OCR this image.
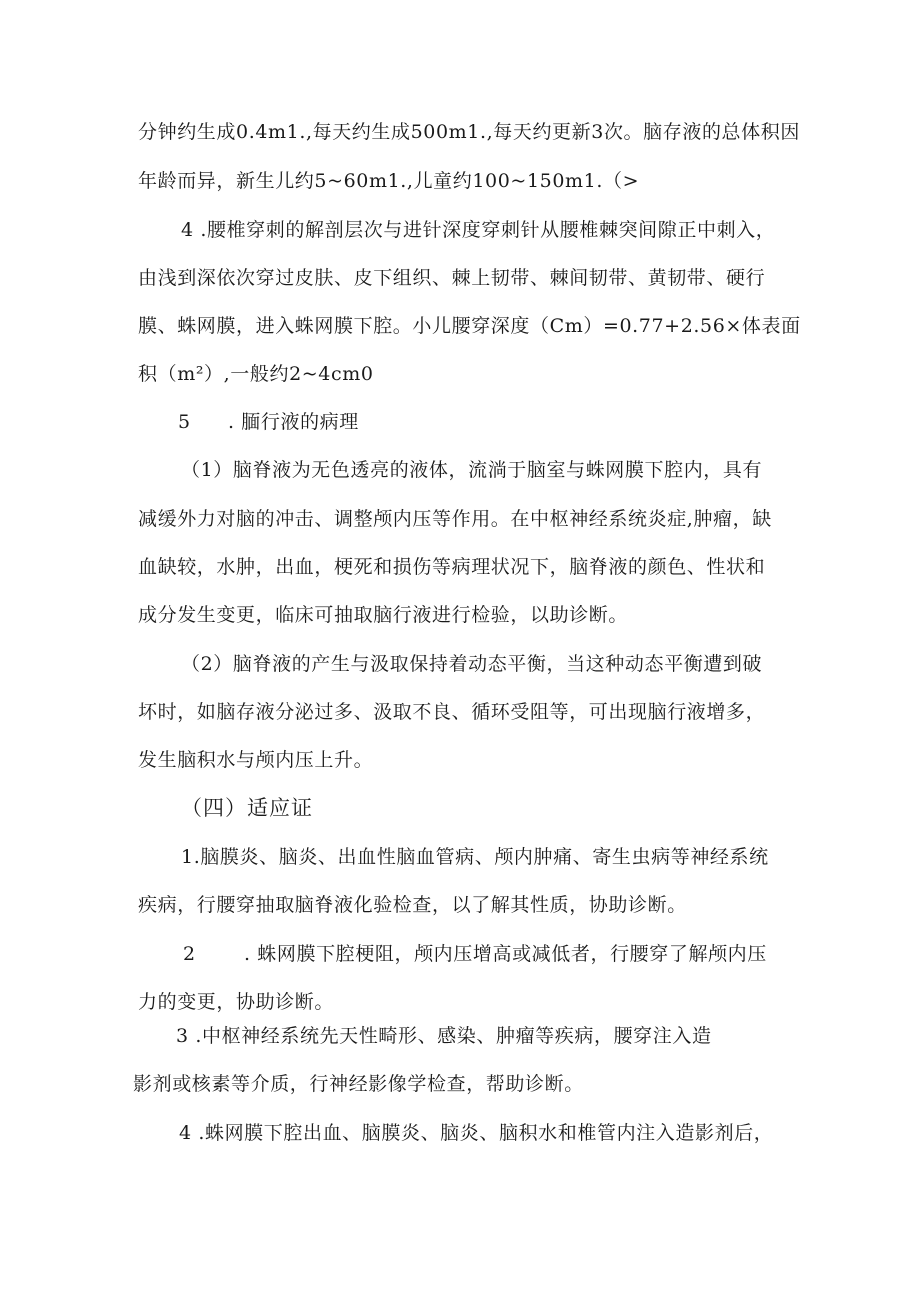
分钟约生成0.4m1.,每天约生成500m1.,每天约更新3次。脑存液的总体积因
年龄而异，新生儿约5~60m1.,儿童约100~150m1.（>
4 .腰椎穿刺的解剖层次与进针深度穿刺针从腰椎棘突间隙正中刺入，
由浅到深依次穿过皮肤、皮下组织、棘上韧带、棘间韧带、黄韧带、硬行
膜、蛛网膜，进入蛛网膜下腔。小儿腰穿深度（Cm）=0.77+2.56×体表面
积（m²）,一般约2~4cm0
5 . 腼行液的病理
（1）脑脊液为无色透亮的液体，流淌于脑室与蛛网膜下腔内，具有
减缓外力对脑的冲击、调整颅内压等作用。在中枢神经系统炎症,肿瘤，缺
血缺较，水肿，出血，梗死和损伤等病理状况下，脑脊液的颜色、性状和
成分发生变更，临床可抽取脑行液进行检验，以助诊断。
（2）脑脊液的产生与汲取保持着动态平衡，当这种动态平衡遭到破
坏时，如脑存液分泌过多、汲取不良、循环受阻等，可出现脑行液增多，
发生脑积水与颅内压上升。
（四）适应证
1.脑膜炎、脑炎、出血性脑血管病、颅内肿痛、寄生虫病等神经系统
疾病，行腰穿抽取脑脊液化验检查，以了解其性质，协助诊断。
2	. 蛛网膜下腔梗阻，颅内压增高或减低者，行腰穿了解颅内压
力的变更，协助诊断。
3 .中枢神经系统先天性畸形、感染、肿瘤等疾病，腰穿注入造
影剂或核素等介质，行神经影像学检查，帮助诊断。
4 .蛛网膜下腔出血、脑膜炎、脑炎、脑积水和椎管内注入造影剂后，
